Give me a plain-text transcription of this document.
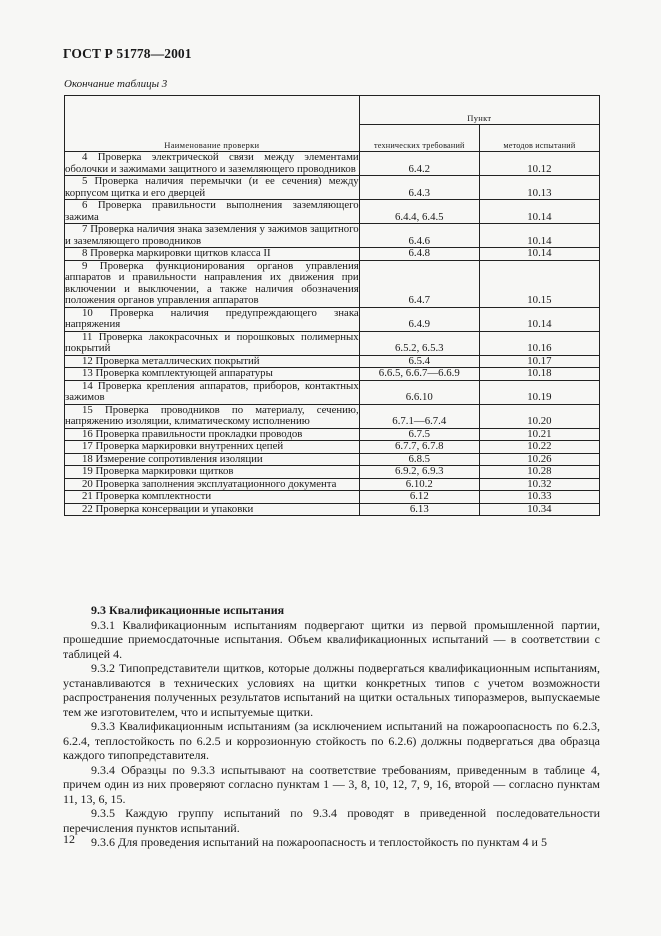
ГОСТ Р 51778—2001
Окончание таблицы 3
Наименование проверки	Пункт	
	технических требований	методов испытаний
4 Проверка электрической связи между элементами оболочки и зажимами защитного и заземляющего проводников	6.4.2	10.12
5 Проверка наличия перемычки (и ее сечения) между корпусом щитка и его дверцей	6.4.3	10.13
6 Проверка правильности выполнения заземляющего зажима	6.4.4, 6.4.5	10.14
7 Проверка наличия знака заземления у зажимов защитного и заземляющего проводников	6.4.6	10.14
8 Проверка маркировки щитков класса II	6.4.8	10.14
9 Проверка функционирования органов управления аппаратов и правильности направления их движения при включении и выключении, а также наличия обозначения положения органов управления аппаратов	6.4.7	10.15
10 Проверка наличия предупреждающего знака напряжения	6.4.9	10.14
11 Проверка лакокрасочных и порошковых полимерных покрытий	6.5.2, 6.5.3	10.16
12 Проверка металлических покрытий	6.5.4	10.17
13 Проверка комплектующей аппаратуры	6.6.5, 6.6.7—6.6.9	10.18
14 Проверка крепления аппаратов, приборов, контактных зажимов	6.6.10	10.19
15 Проверка проводников по материалу, сечению, напряжению изоляции, климатическому исполнению	6.7.1—6.7.4	10.20
16 Проверка правильности прокладки проводов	6.7.5	10.21
17 Проверка маркировки внутренних цепей	6.7.7, 6.7.8	10.22
18 Измерение сопротивления изоляции	6.8.5	10.26
19 Проверка маркировки щитков	6.9.2, 6.9.3	10.28
20 Проверка заполнения эксплуатационного документа	6.10.2	10.32
21 Проверка комплектности	6.12	10.33
22 Проверка консервации и упаковки	6.13	10.34

9.3 Квалификационные испытания

9.3.1 Квалификационным испытаниям подвергают щитки из первой промышленной партии, прошедшие приемосдаточные испытания. Объем квалификационных испытаний — в соответствии с таблицей 4.

9.3.2 Типопредставители щитков, которые должны подвергаться квалификационным испытаниям, устанавливаются в технических условиях на щитки конкретных типов с учетом возможности распространения полученных результатов испытаний на щитки остальных типоразмеров, выпускаемые тем же изготовителем, что и испытуемые щитки.

9.3.3 Квалификационным испытаниям (за исключением испытаний на пожароопасность по 6.2.3, 6.2.4, теплостойкость по 6.2.5 и коррозионную стойкость по 6.2.6) должны подвергаться два образца каждого типопредставителя.

9.3.4 Образцы по 9.3.3 испытывают на соответствие требованиям, приведенным в таблице 4, причем один из них проверяют согласно пунктам 1 — 3, 8, 10, 12, 7, 9, 16, второй — согласно пунктам 11, 13, 6, 15.

9.3.5 Каждую группу испытаний по 9.3.4 проводят в приведенной последовательности перечисления пунктов испытаний.

9.3.6 Для проведения испытаний на пожароопасность и теплостойкость по пунктам 4 и 5

12
